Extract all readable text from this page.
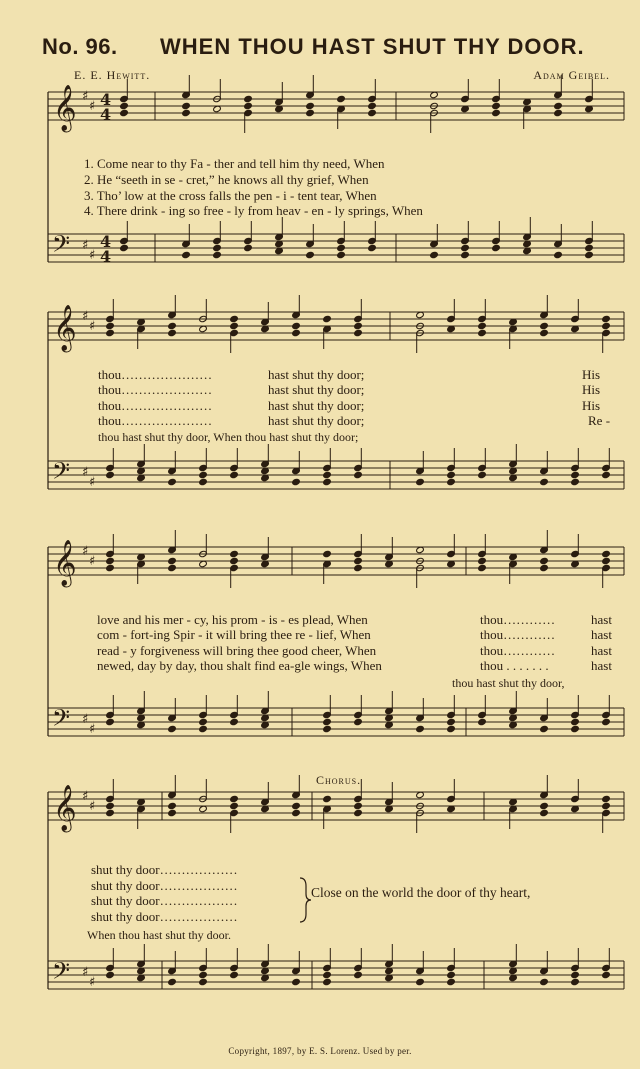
No. 96. WHEN THOU HAST SHUT THY DOOR.
E. E. Hewitt.	Adam Geibel.
𝄞
𝄢
♯
♯
♯
♯
4
4
4
4
𝄞
𝄢
♯
♯
♯
♯
𝄞
𝄢
♯
♯
♯
♯
𝄞
𝄢
♯
♯
♯
♯
1. Come near to thy Fa - ther and tell him thy need, When
2. He “seeth in se - cret,” he knows all thy grief, When
3. Tho’ low at the cross falls the pen - i - tent tear, When
4. There drink - ing so free - ly from heav - en - ly springs, When
thou…………………
thou…………………
thou…………………
thou…………………
hast shut thy door;
hast shut thy door;
hast shut thy door;
hast shut thy door;
His
His
His
Re -
thou hast shut thy door, When thou hast shut thy door;
love and his mer - cy, his prom - is - es plead, When
com - fort-ing Spir - it will bring thee re - lief, When
read - y forgiveness will bring thee good cheer, When
newed, day by day, thou shalt find ea-gle wings, When
thou…………
thou…………
thou…………
thou . . . . . . .
hast
hast
hast
hast
thou hast shut thy door,
Chorus.
shut thy door………………
shut thy door………………
shut thy door………………
shut thy door………………
Close on the world the door of thy heart,
When thou hast shut thy door.
Copyright, 1897, by E. S. Lorenz. Used by per.
